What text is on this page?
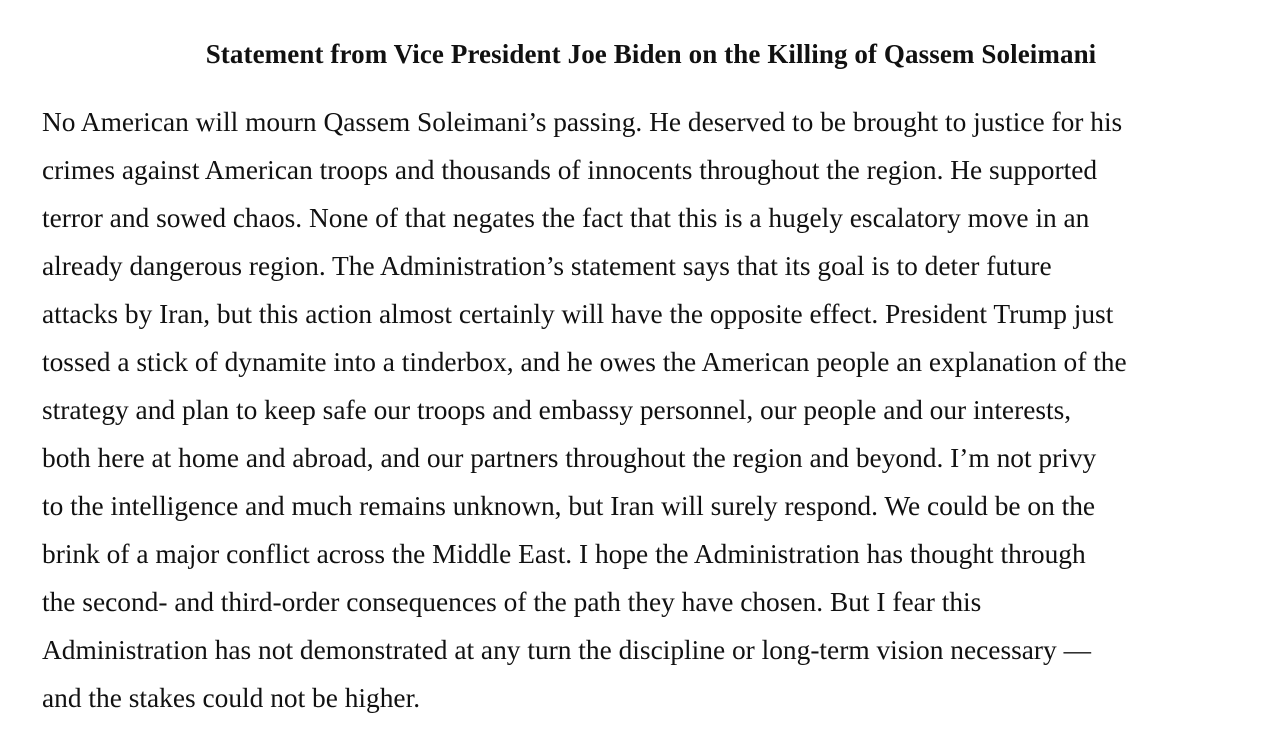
Statement from Vice President Joe Biden on the Killing of Qassem Soleimani

No American will mourn Qassem Soleimani’s passing. He deserved to be brought to justice for his
crimes against American troops and thousands of innocents throughout the region. He supported
terror and sowed chaos. None of that negates the fact that this is a hugely escalatory move in an
already dangerous region. The Administration’s statement says that its goal is to deter future
attacks by Iran, but this action almost certainly will have the opposite effect. President Trump just
tossed a stick of dynamite into a tinderbox, and he owes the American people an explanation of the
strategy and plan to keep safe our troops and embassy personnel, our people and our interests,
both here at home and abroad, and our partners throughout the region and beyond. I’m not privy
to the intelligence and much remains unknown, but Iran will surely respond. We could be on the
brink of a major conflict across the Middle East. I hope the Administration has thought through
the second- and third-order consequences of the path they have chosen. But I fear this
Administration has not demonstrated at any turn the discipline or long-term vision necessary —
and the stakes could not be higher.
